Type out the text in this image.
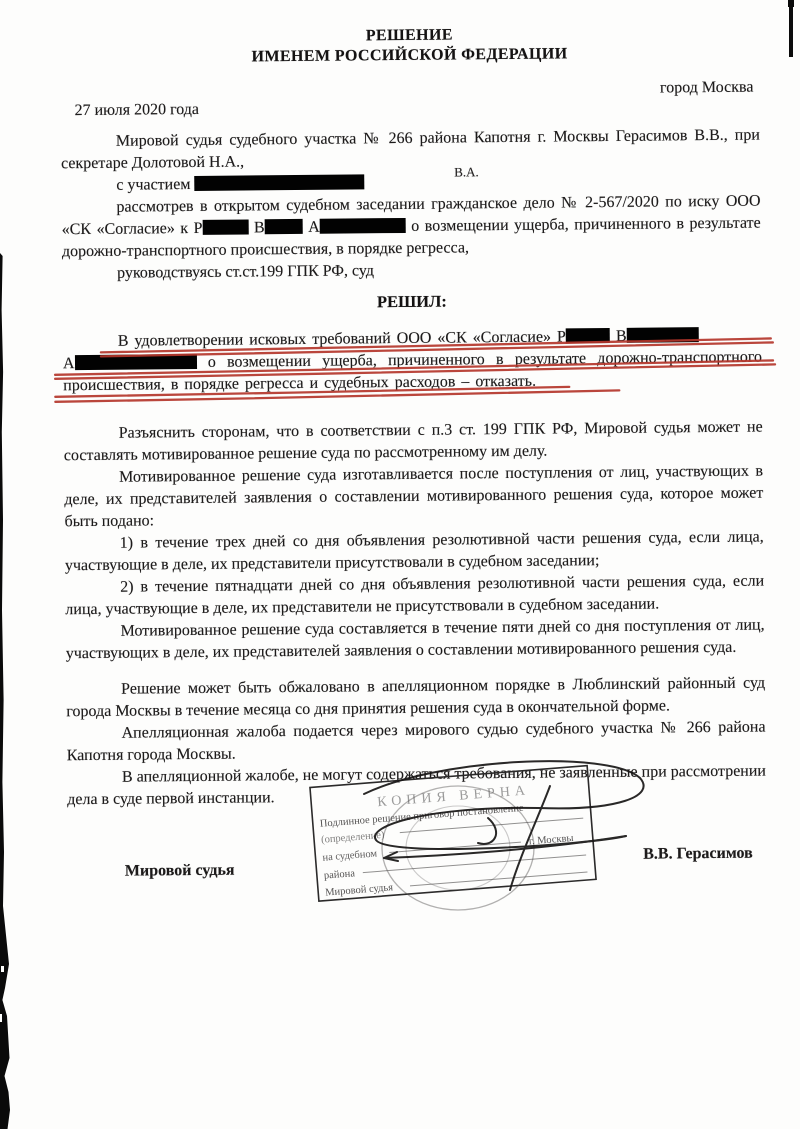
РЕШЕНИЕ
ИМЕНЕМ РОССИЙСКОЙ ФЕДЕРАЦИИ
город Москва
27 июля 2020 года

Мировой судья судебного участка № 266 района Капотня г. Москвы Герасимов В.В., при секретаре Долотовой Н.А.,

с участием
В.А.

рассмотрев в открытом судебном заседании гражданское дело № 2-567/2020 по иску ООО «СК «Согласие» к Р	В	А	о возмещении ущерба, причиненного в результате дорожно-транспортного происшествия, в порядке регресса,

руководствуясь ст.ст.199 ГПК РФ, суд

РЕШИЛ:

В удовлетворении исковых требований ООО «СК «Согласие» Р	В
А	о возмещении ущерба, причиненного в результате дорожно-транспортного происшествия, в порядке регресса и судебных расходов – отказать.

Разъяснить сторонам, что в соответствии с п.3 ст. 199 ГПК РФ, Мировой судья может не составлять мотивированное решение суда по рассмотренному им делу.

Мотивированное решение суда изготавливается после поступления от лиц, участвующих в деле, их представителей заявления о составлении мотивированного решения суда, которое может быть подано:

1) в течение трех дней со дня объявления резолютивной части решения суда, если лица, участвующие в деле, их представители присутствовали в судебном заседании;

2) в течение пятнадцати дней со дня объявления резолютивной части решения суда, если лица, участвующие в деле, их представители не присутствовали в судебном заседании.

Мотивированное решение суда составляется в течение пяти дней со дня поступления от лиц, участвующих в деле, их представителей заявления о составлении мотивированного решения суда.

Решение может быть обжаловано в апелляционном порядке в Люблинский районный суд города Москвы в течение месяца со дня принятия решения суда в окончательной форме.

Апелляционная жалоба подается через мирового судью судебного участка № 266 района Капотня города Москвы.

В апелляционной жалобе, не могут содержаться требования, не заявленные при рассмотрении дела в суде первой инстанции.

Мировой судья
В.В. Герасимов
КОПИЯ ВЕРНА
Подлинное решение приговор постановление
(определение)
на судебном
г. Москвы
района
Мировой судья
